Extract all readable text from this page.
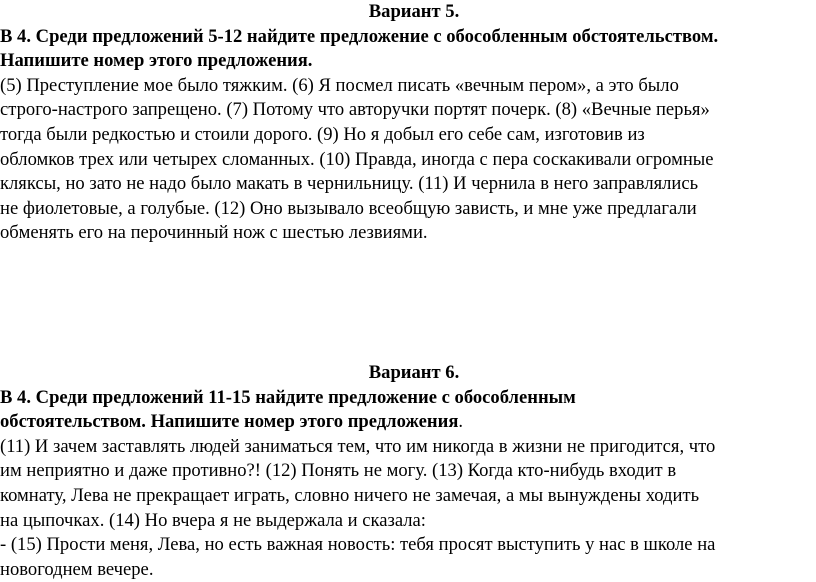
Вариант 5.

В 4. Среди предложений 5-12 найдите предложение с обособленным обстоятельством.
Напишите номер этого предложения.

(5) Преступление мое было тяжким. (6) Я посмел писать «вечным пером», а это было
строго-настрого запрещено. (7) Потому что авторучки портят почерк. (8) «Вечные перья»
тогда были редкостью и стоили дорого. (9) Но я добыл его себе сам, изготовив из
обломков трех или четырех сломанных. (10) Правда, иногда с пера соскакивали огромные
кляксы, но зато не надо было макать в чернильницу. (11) И чернила в него заправлялись
не фиолетовые, а голубые. (12) Оно вызывало всеобщую зависть, и мне уже предлагали
обменять его на перочинный нож с шестью лезвиями.

Вариант 6.

В 4. Среди предложений 11-15 найдите предложение с обособленным
обстоятельством. Напишите номер этого предложения.

(11) И зачем заставлять людей заниматься тем, что им никогда в жизни не пригодится, что
им неприятно и даже противно?! (12) Понять не могу. (13) Когда кто-нибудь входит в
комнату, Лева не прекращает играть, словно ничего не замечая, а мы вынуждены ходить
на цыпочках. (14) Но вчера я не выдержала и сказала:
- (15) Прости меня, Лева, но есть важная новость: тебя просят выступить у нас в школе на
новогоднем вечере.
